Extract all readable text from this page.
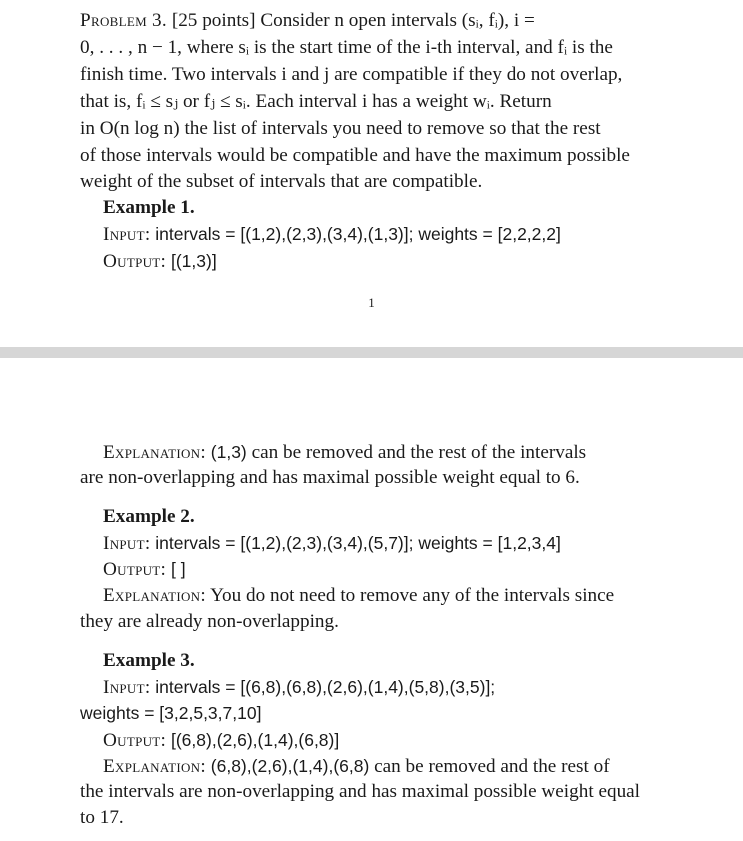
Problem 3. [25 points] Consider n open intervals (sᵢ, fᵢ), i =
0, . . . , n − 1, where sᵢ is the start time of the i-th interval, and fᵢ is the
finish time. Two intervals i and j are compatible if they do not overlap,
that is, fᵢ ≤ sⱼ or fⱼ ≤ sᵢ. Each interval i has a weight wᵢ. Return
in O(n log n) the list of intervals you need to remove so that the rest
of those intervals would be compatible and have the maximum possible
weight of the subset of intervals that are compatible.
Example 1.
Input: intervals = [(1,2),(2,3),(3,4),(1,3)]; weights = [2,2,2,2]
Output: [(1,3)]
1
Explanation: (1,3) can be removed and the rest of the intervals
are non-overlapping and has maximal possible weight equal to 6.
Example 2.
Input: intervals = [(1,2),(2,3),(3,4),(5,7)]; weights = [1,2,3,4]
Output: [ ]
Explanation: You do not need to remove any of the intervals since
they are already non-overlapping.
Example 3.
Input: intervals = [(6,8),(6,8),(2,6),(1,4),(5,8),(3,5)];
weights = [3,2,5,3,7,10]
Output: [(6,8),(2,6),(1,4),(6,8)]
Explanation: (6,8),(2,6),(1,4),(6,8) can be removed and the rest of
the intervals are non-overlapping and has maximal possible weight equal
to 17.
